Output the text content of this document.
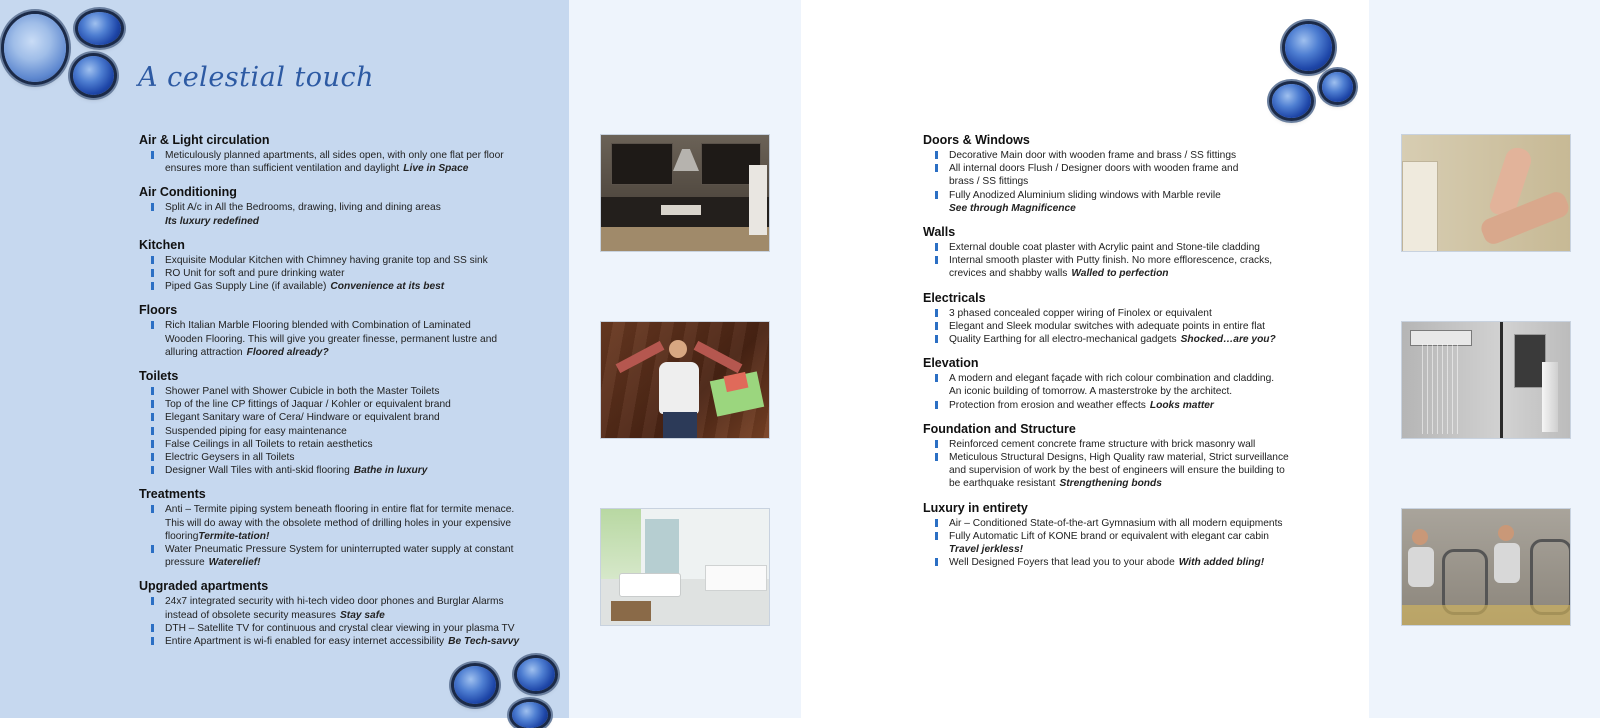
A celestial touch
Air & Light circulation
Meticulously planned apartments, all sides open, with only one flat per floor
ensures more than sufficient ventilation and daylight Live in Space
Air Conditioning
Split A/c in All the Bedrooms, drawing, living and dining areas
Its luxury redefined
Kitchen
Exquisite Modular Kitchen with Chimney having granite top and SS sink
RO Unit for soft and pure drinking water
Piped Gas Supply Line (if available) Convenience at its best
Floors
Rich Italian Marble Flooring blended with Combination of Laminated
Wooden Flooring. This will give you greater finesse, permanent lustre and
alluring attraction Floored already?
Toilets
Shower Panel with Shower Cubicle in both the Master Toilets
Top of the line CP fittings of Jaquar / Kohler or equivalent brand
Elegant Sanitary ware of Cera/ Hindware or equivalent brand
Suspended piping for easy maintenance
False Ceilings in all Toilets to retain aesthetics
Electric Geysers in all Toilets
Designer Wall Tiles with anti-skid flooring Bathe in luxury
Treatments
Anti – Termite piping system beneath flooring in entire flat for termite menace.
This will do away with the obsolete method of drilling holes in your expensive
flooringTermite-tation!
Water Pneumatic Pressure System for uninterrupted water supply at constant
pressure Waterelief!
Upgraded apartments
24x7 integrated security with hi-tech video door phones and Burglar Alarms
instead of obsolete security measures Stay safe
DTH – Satellite TV for continuous and crystal clear viewing in your plasma TV
Entire Apartment is wi-fi enabled for easy internet accessibility Be Tech-savvy
Doors & Windows
Decorative Main door with wooden frame and brass / SS fittings
All internal doors Flush / Designer doors with wooden frame and
brass / SS fittings
Fully Anodized Aluminium sliding windows with Marble revile
See through Magnificence
Walls
External double coat plaster with Acrylic paint and Stone-tile cladding
Internal smooth plaster with Putty finish. No more efflorescence, cracks,
crevices and shabby walls Walled to perfection
Electricals
3 phased concealed copper wiring of Finolex or equivalent
Elegant and Sleek modular switches with adequate points in entire flat
Quality Earthing for all electro-mechanical gadgets Shocked…are you?
Elevation
A modern and elegant façade with rich colour combination and cladding.
An iconic building of tomorrow. A masterstroke by the architect.
Protection from erosion and weather effects Looks matter
Foundation and Structure
Reinforced cement concrete frame structure with brick masonry wall
Meticulous Structural Designs, High Quality raw material, Strict surveillance
and supervision of work by the best of engineers will ensure the building to
be earthquake resistant Strengthening bonds
Luxury in entirety
Air – Conditioned State-of-the-art Gymnasium with all modern equipments
Fully Automatic Lift of KONE brand or equivalent with elegant car cabin
Travel jerkless!
Well Designed Foyers that lead you to your abode With added bling!
